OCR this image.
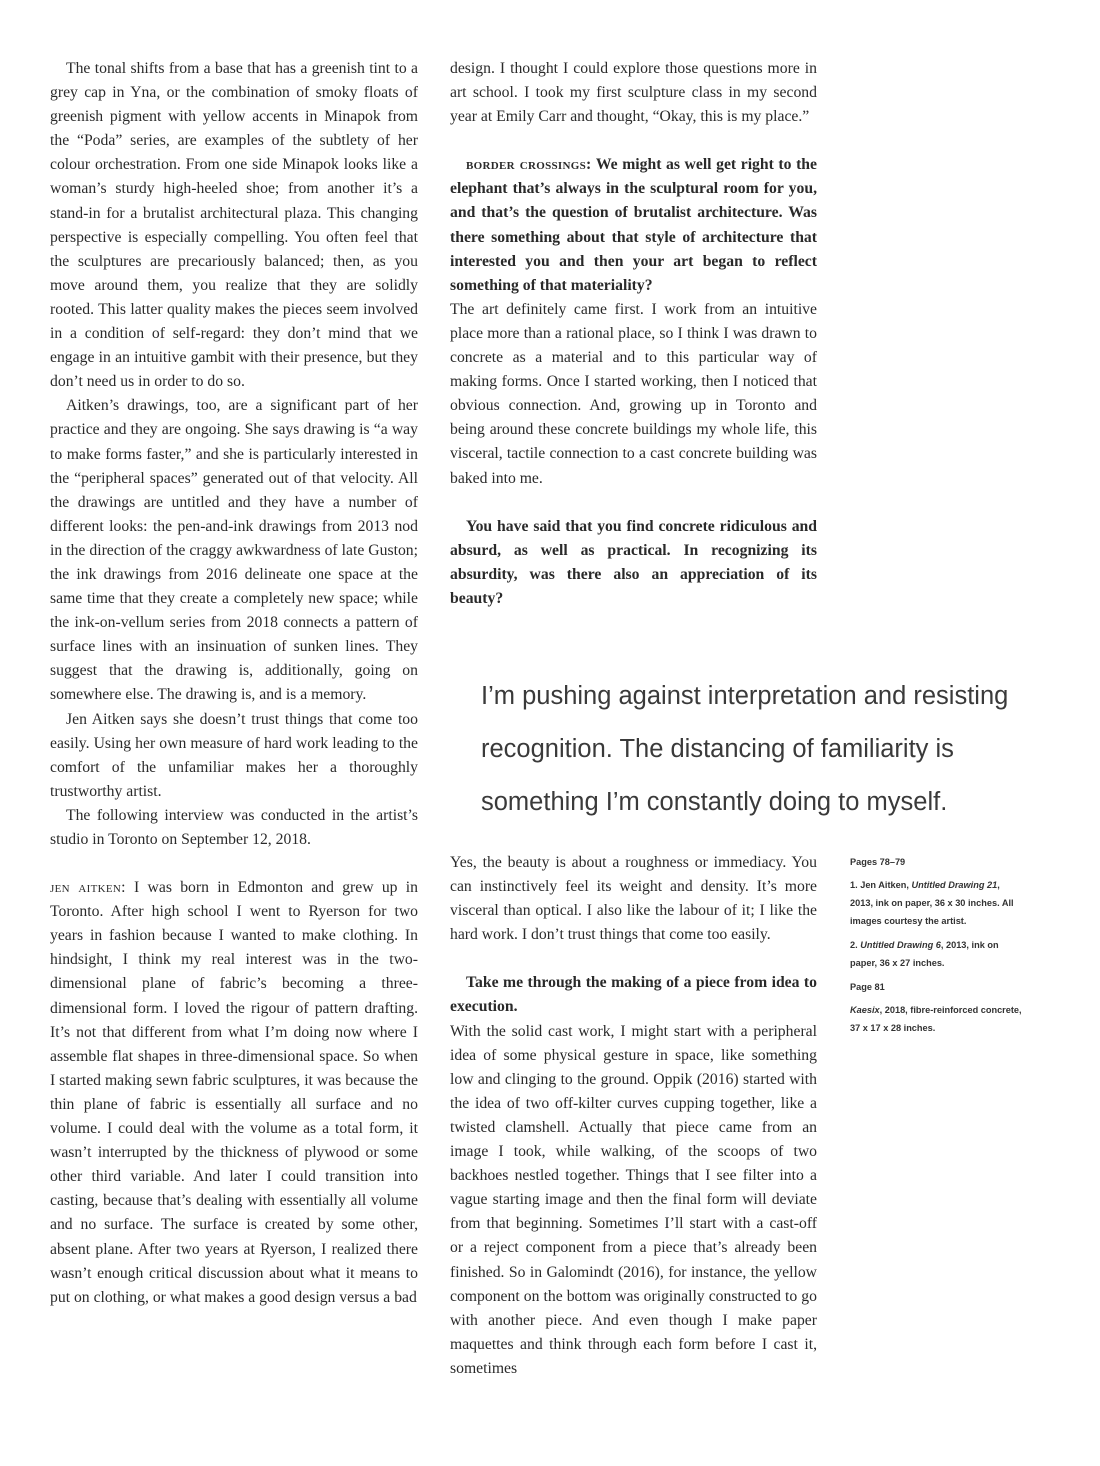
The tonal shifts from a base that has a greenish tint to a grey cap in Yna, or the combination of smoky floats of greenish pigment with yellow accents in Minapok from the “Poda” series, are examples of the subtlety of her colour orchestration. From one side Minapok looks like a woman’s sturdy high-heeled shoe; from another it’s a stand-in for a brutalist architectural plaza. This changing perspective is especially compelling. You often feel that the sculptures are precariously balanced; then, as you move around them, you realize that they are solidly rooted. This latter quality makes the pieces seem involved in a condition of self-regard: they don’t mind that we engage in an intuitive gambit with their presence, but they don’t need us in order to do so.

Aitken’s drawings, too, are a significant part of her practice and they are ongoing. She says drawing is “a way to make forms faster,” and she is particularly interested in the “peripheral spaces” generated out of that velocity. All the drawings are untitled and they have a number of different looks: the pen-and-ink drawings from 2013 nod in the direction of the craggy awkwardness of late Guston; the ink drawings from 2016 delineate one space at the same time that they create a completely new space; while the ink-on-vellum series from 2018 connects a pattern of surface lines with an insinuation of sunken lines. They suggest that the drawing is, additionally, going on somewhere else. The drawing is, and is a memory.

Jen Aitken says she doesn’t trust things that come too easily. Using her own measure of hard work leading to the comfort of the unfamiliar makes her a thoroughly trustworthy artist.

The following interview was conducted in the artist’s studio in Toronto on September 12, 2018.

jen aitken: I was born in Edmonton and grew up in Toronto. After high school I went to Ryerson for two years in fashion because I wanted to make clothing. In hindsight, I think my real interest was in the two-dimensional plane of fabric’s becoming a three-dimensional form. I loved the rigour of pattern drafting. It’s not that different from what I’m doing now where I assemble flat shapes in three-dimensional space. So when I started making sewn fabric sculptures, it was because the thin plane of fabric is essentially all surface and no volume. I could deal with the volume as a total form, it wasn’t interrupted by the thickness of plywood or some other third variable. And later I could transition into casting, because that’s dealing with essentially all volume and no surface. The surface is created by some other, absent plane. After two years at Ryerson, I realized there wasn’t enough critical discussion about what it means to put on clothing, or what makes a good design versus a bad

design. I thought I could explore those questions more in art school. I took my first sculpture class in my second year at Emily Carr and thought, “Okay, this is my place.”

border crossings: We might as well get right to the elephant that’s always in the sculptural room for you, and that’s the question of brutalist architecture. Was there something about that style of architecture that interested you and then your art began to reflect something of that materiality?

The art definitely came first. I work from an intuitive place more than a rational place, so I think I was drawn to concrete as a material and to this particular way of making forms. Once I started working, then I noticed that obvious connection. And, growing up in Toronto and being around these concrete buildings my whole life, this visceral, tactile connection to a cast concrete building was baked into me.

You have said that you find concrete ridiculous and absurd, as well as practical. In recognizing its absurdity, was there also an appreciation of its beauty?

I’m pushing against interpretation and resisting
recognition. The distancing of familiarity is
something I’m constantly doing to myself.

Yes, the beauty is about a roughness or immediacy. You can instinctively feel its weight and density. It’s more visceral than optical. I also like the labour of it; I like the hard work. I don’t trust things that come too easily.

Take me through the making of a piece from idea to execution.

With the solid cast work, I might start with a peripheral idea of some physical gesture in space, like something low and clinging to the ground. Oppik (2016) started with the idea of two off-kilter curves cupping together, like a twisted clamshell. Actually that piece came from an image I took, while walking, of the scoops of two backhoes nestled together. Things that I see filter into a vague starting image and then the final form will deviate from that beginning. Sometimes I’ll start with a cast-off or a reject component from a piece that’s already been finished. So in Galomindt (2016), for instance, the yellow component on the bottom was originally constructed to go with another piece. And even though I make paper maquettes and think through each form before I cast it, sometimes

Pages 78–79

1. Jen Aitken, Untitled Drawing 21, 2013, ink on paper, 36 x 30 inches. All images courtesy the artist.

2. Untitled Drawing 6, 2013, ink on paper, 36 x 27 inches.

Page 81

Kaesix, 2018, fibre-reinforced concrete, 37 x 17 x 28 inches.
